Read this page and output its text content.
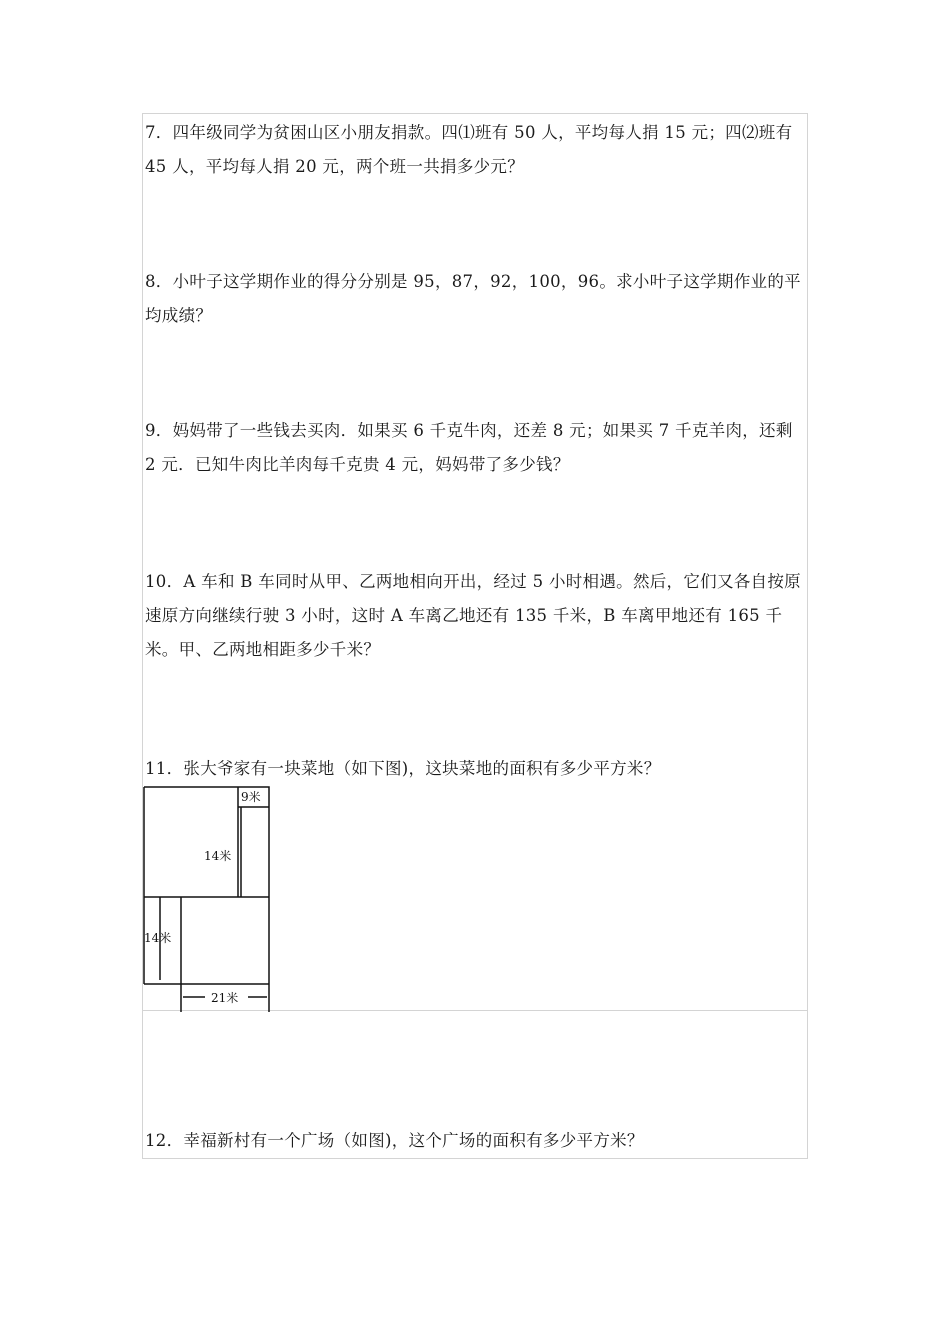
7．四年级同学为贫困山区小朋友捐款。四⑴班有 50 人，平均每人捐 15 元；四⑵班有 45 人，平均每人捐 20 元，两个班一共捐多少元？

8．小叶子这学期作业的得分分别是 95，87，92，100，96。求小叶子这学期作业的平均成绩？

9．妈妈带了一些钱去买肉．如果买 6 千克牛肉，还差 8 元；如果买 7 千克羊肉，还剩 2 元．已知牛肉比羊肉每千克贵 4 元，妈妈带了多少钱？

10．A 车和 B 车同时从甲、乙两地相向开出，经过 5 小时相遇。然后，它们又各自按原速原方向继续行驶 3 小时，这时 A 车离乙地还有 135 千米，B 车离甲地还有 165 千米。甲、乙两地相距多少千米？

11．张大爷家有一块菜地（如下图)，这块菜地的面积有多少平方米？

9米
14米
14米
21米

12．幸福新村有一个广场（如图)，这个广场的面积有多少平方米？
